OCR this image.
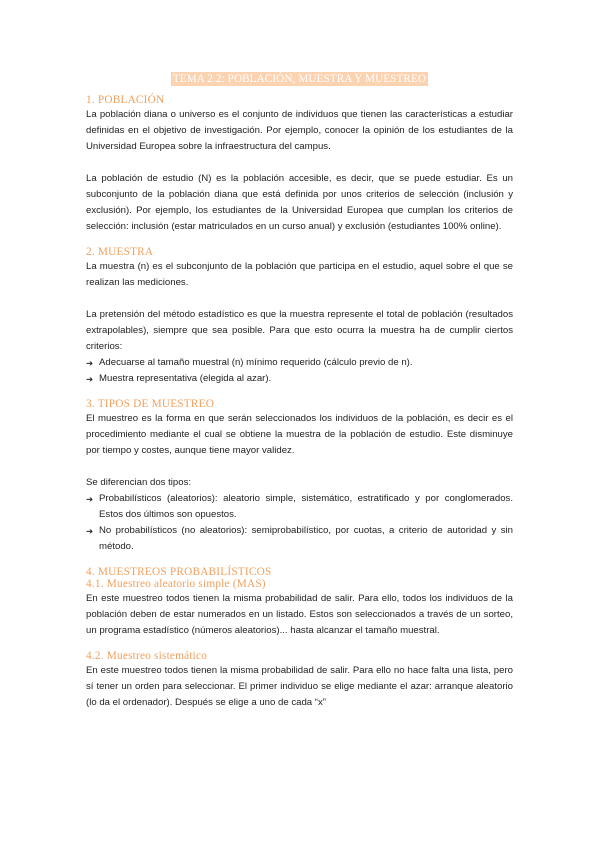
TEMA 2.2: POBLACIÓN, MUESTRA Y MUESTREO
1. POBLACIÓN

La población diana o universo es el conjunto de individuos que tienen las características a estudiar definidas en el objetivo de investigación. Por ejemplo, conocer la opinión de los estudiantes de la Universidad Europea sobre la infraestructura del campus.

La población de estudio (N) es la población accesible, es decir, que se puede estudiar. Es un subconjunto de la población diana que está definida por unos criterios de selección (inclusión y exclusión). Por ejemplo, los estudiantes de la Universidad Europea que cumplan los criterios de selección: inclusión (estar matriculados en un curso anual) y exclusión (estudiantes 100% online).

2. MUESTRA

La muestra (n) es el subconjunto de la población que participa en el estudio, aquel sobre el que se realizan las mediciones.

La pretensión del método estadístico es que la muestra represente el total de población (resultados extrapolables), siempre que sea posible. Para que esto ocurra la muestra ha de cumplir ciertos criterios:

➔ Adecuarse al tamaño muestral (n) mínimo requerido (cálculo previo de n).
➔ Muestra representativa (elegida al azar).
3. TIPOS DE MUESTREO

El muestreo es la forma en que serán seleccionados los individuos de la población, es decir es el procedimiento mediante el cual se obtiene la muestra de la población de estudio. Este disminuye por tiempo y costes, aunque tiene mayor validez.

Se diferencian dos tipos:

➔ Probabilísticos (aleatorios): aleatorio simple, sistemático, estratificado y por conglomerados. Estos dos últimos son opuestos.
➔ No probabilísticos (no aleatorios): semiprobabilístico, por cuotas, a criterio de autoridad y sin método.
4. MUESTREOS PROBABILÍSTICOS
4.1. Muestreo aleatorio simple (MAS)

En este muestreo todos tienen la misma probabilidad de salir. Para ello, todos los individuos de la población deben de estar numerados en un listado. Estos son seleccionados a través de un sorteo, un programa estadístico (números aleatorios)... hasta alcanzar el tamaño muestral.

4.2. Muestreo sistemático

En este muestreo todos tienen la misma probabilidad de salir. Para ello no hace falta una lista, pero sí tener un orden para seleccionar. El primer individuo se elige mediante el azar: arranque aleatorio (lo da el ordenador). Después se elige a uno de cada “x”
